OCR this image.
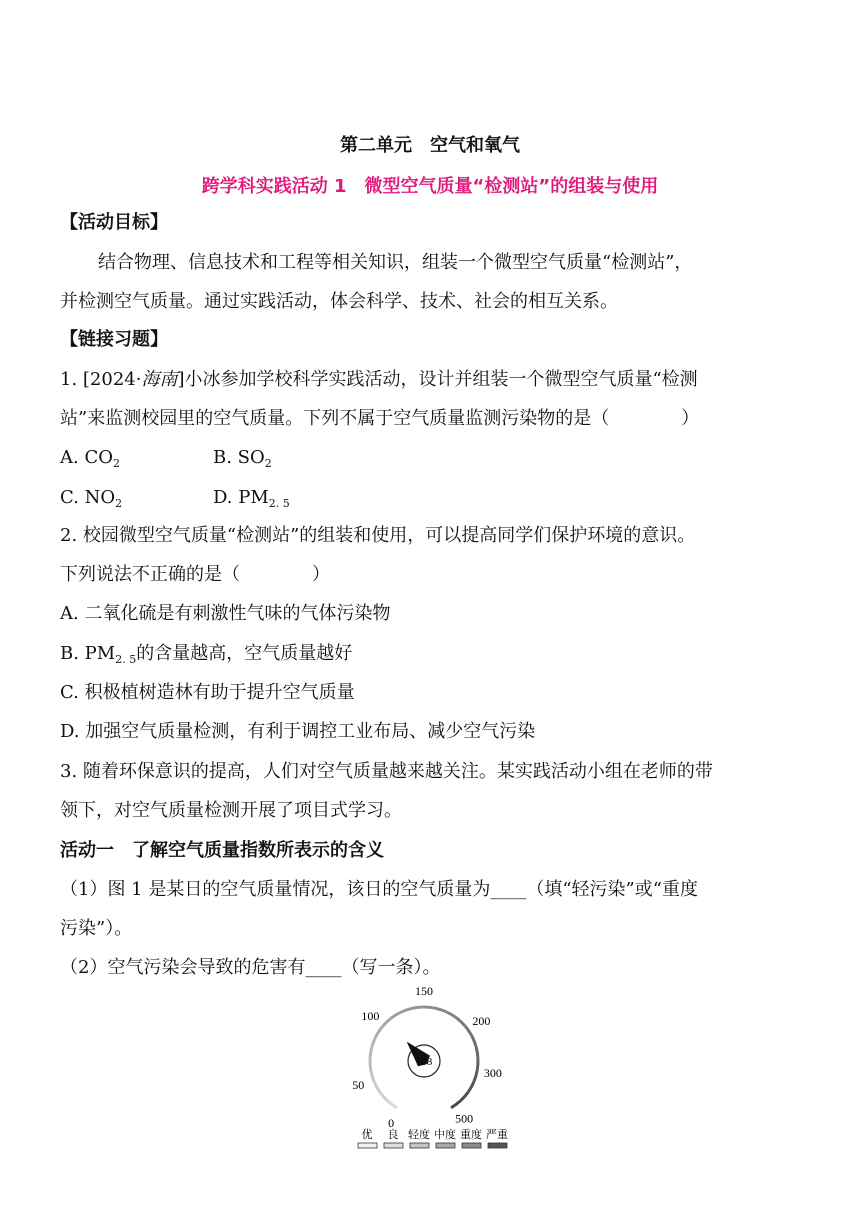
第二单元　空气和氧气
跨学科实践活动 1　微型空气质量“检测站”的组装与使用
【活动目标】
结合物理、信息技术和工程等相关知识，组装一个微型空气质量“检测站”，
并检测空气质量。通过实践活动，体会科学、技术、社会的相互关系。
【链接习题】
1. [2024·海南]小冰参加学校科学实践活动，设计并组装一个微型空气质量“检测
站”来监测校园里的空气质量。下列不属于空气质量监测污染物的是（　　　　）
A. $CO_2$	B. $SO_2$
C. $NO_2$	D. $PM_{2. 5}$
2. 校园微型空气质量“检测站”的组装和使用，可以提高同学们保护环境的意识。
下列说法不正确的是（　　　　）
A. 二氧化硫是有刺激性气味的气体污染物
B. $PM_{2. 5}$的含量越高，空气质量越好
C. 积极植树造林有助于提升空气质量
D. 加强空气质量检测，有利于调控工业布局、减少空气污染
3. 随着环保意识的提高，人们对空气质量越来越关注。某实践活动小组在老师的带
领下，对空气质量检测开展了项目式学习。
活动一　了解空气质量指数所表示的含义
（1）图 1 是某日的空气质量情况，该日的空气质量为____（填“轻污染”或“重度
污染”）。
（2）空气污染会导致的危害有____（写一条）。
0
50
100
150
200
300
500
108
优 良 轻度 中度 重度 严重
